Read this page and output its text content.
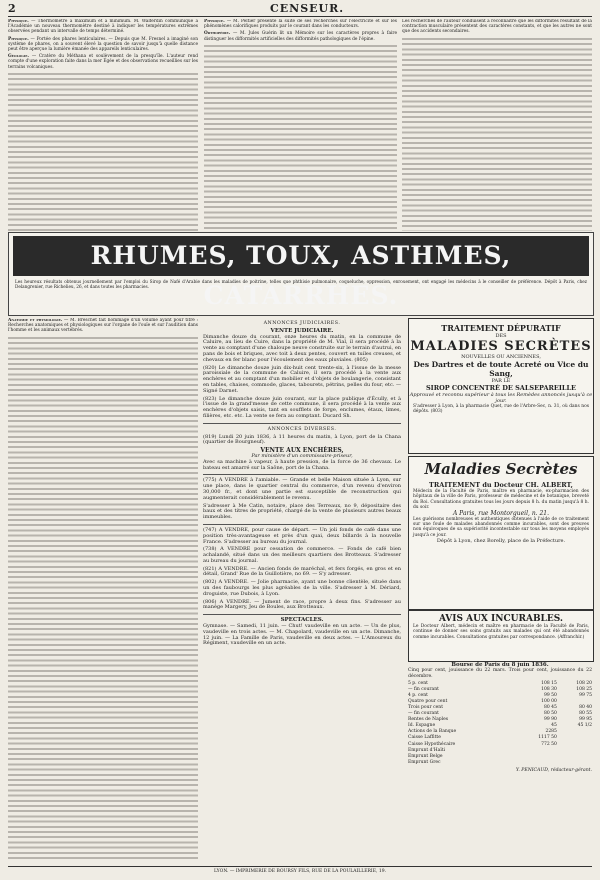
2	CENSEUR.

Physique. — Thermomètre à maximum et à minimum. M. Walferdin communique à l'Académie un nouveau thermomètre destiné à indiquer les températures extrêmes observées pendant un intervalle de temps déterminé.

Physique. — Portée des phares lenticulaires. — Depuis que M. Fresnel a imaginé son système de phares, on a souvent élevé la question de savoir jusqu'à quelle distance peut être aperçue la lumière émanée des appareils lenticulaires.

Géologie. — Cratère du Méthana et soulèvement de la presqu'île. L'auteur rend compte d'une exploration faite dans la mer Égée et des observations recueillies sur les terrains volcaniques.

Physique. — M. Peltier présente la suite de ses recherches sur l'électricité et sur les phénomènes calorifiques produits par le courant dans les conducteurs.

Orthopédie. — M. Jules Guérin lit un Mémoire sur les caractères propres à faire distinguer les difformités artificielles des difformités pathologiques de l'épine.

Les recherches de l'auteur conduisent à reconnaître que les difformités résultant de la contraction musculaire présentent des caractères constants, et que les autres ne sont que des accidents secondaires.

RHUMES, TOUX, ASTHMES, CATARRHES.
Les heureux résultats obtenus journellement par l'emploi du Sirop de Nafé d'Arabie dans les maladies de poitrine, telles que phthisie pulmonaire, coqueluche, oppression, enrouement, ont engagé les médecins à le conseiller de préférence. Dépôt à Paris, chez Delangrenier, rue Richelieu, 26, et dans toutes les pharmacies.

Anatomie et physiologie. — M. Breschet fait hommage d'un volume ayant pour titre : Recherches anatomiques et physiologiques sur l'organe de l'ouïe et sur l'audition dans l'homme et les animaux vertébrés.

ANNONCES JUDICIAIRES.
VENTE JUDICIAIRE.

Dimanche douze du courant, onze heures du matin, en la commune de Caluire, au lieu de Cuire, dans la propriété de M. Vial, il sera procédé à la vente au comptant d'une chaloupe neuve construite sur le terrain d'autrui, en pans de bois et briques, avec toit à deux pentes, couvert en tuiles creuses, et chevaux en fer blanc pour l'écoulement des eaux pluviales. (805)

(820) Le dimanche douze juin dix-huit cent trente-six, à l'issue de la messe paroissiale de la commune de Caluire, il sera procédé à la vente aux enchères et au comptant d'un mobilier et d'objets de boulangerie, consistant en tables, chaises, commode, glaces, tabourets, pétrins, pelles du four, etc. — Signé Darnet.

(823) Le dimanche douze juin courant, sur la place publique d'Écully, et à l'issue de la grand'messe de cette commune, il sera procédé à la vente aux enchères d'objets saisis, tant en soufflets de forge, enclumes, étaux, limes, filières, etc. etc. La vente se fera au comptant. Ducard Sh.

ANNONCES DIVERSES.

(819) Lundi 20 juin 1836, à 11 heures du matin, à Lyon, port de la Chana (quartier de Bourgneuf).

VENTE AUX ENCHÈRES,
Par ministère d'un commissaire-priseur,

Avec sa machine à vapeur, à haute pression, de la force de 36 chevaux. Le bateau est amarré sur la Saône, port de la Chana.

(775) A VENDRE à l'amiable. — Grande et belle Maison située à Lyon, sur une place, dans le quartier central du commerce, d'un revenu d'environ 30,000 fr., et dont une partie est susceptible de reconstruction qui augmenterait considérablement le revenu.

S'adresser à Me Catin, notaire, place des Terreaux, no 9, dépositaire des baux et des titres de propriété, chargé de la vente de plusieurs autres beaux immeubles.

(747) A VENDRE, pour cause de départ. — Un joli fonds de café dans une position très-avantageuse et près d'un quai, deux billards à la nouvelle France. S'adresser au bureau du journal.

(738) A VENDRE pour cessation de commerce. — Fonds de café bien achalandé, situé dans un des meilleurs quartiers des Brotteaux. S'adresser au bureau du journal.

(821) A VENDRE. — Ancien fonds de maréchal, et fers forgés, en gros et en détail, Grand' Rue de la Guillotière, no 69. — S'y adresser.

(802) A VENDRE. — Jolie pharmacie, ayant une bonne clientèle, située dans un des faubourgs les plus agréables de la ville. S'adresser à M. Dériard, droguiste, rue Dubois, à Lyon.

(806) A VENDRE. — Jument de race, propre à deux fins. S'adresser au manège Margery, Jeu de Boules, aux Brotteaux.

SPECTACLES.

Gymnase. — Samedi, 11 juin. — Chut! vaudeville en un acte. — Un de plus, vaudeville en trois actes. — M. Chapolard, vaudeville en un acte. Dimanche, 12 juin. — La Famille de Paris, vaudeville en deux actes. — L'Amoureux du Régiment, vaudeville en un acte.

TRAITEMENT DÉPURATIF
DES
MALADIES SECRÈTES
NOUVELLES OU ANCIENNES,
Des Dartres et de toute Acreté ou Vice du Sang,
PAR LE
SIROP CONCENTRÉ DE SALSEPAREILLE
Approuvé et reconnu supérieur à tous les Remèdes annoncés jusqu'à ce jour.
S'adresser à Lyon, à la pharmacie Quet, rue de l'Arbre-Sec, n. 31, où dans nos dépôts. (803)
Maladies Secrètes
TRAITEMENT du Docteur CH. ALBERT,
Médecin de la Faculté de Paris, maître en pharmacie, ex-pharmacien des hôpitaux de la ville de Paris, professeur de médecine et de botanique, breveté du Roi. Consultations gratuites tous les jours depuis 8 h. du matin jusqu'à 8 h. du soir.
A Paris, rue Montorgueil, n. 21.
Les guérisons nombreuses et authentiques obtenues à l'aide de ce traitement sur une foule de malades abandonnés comme incurables, sont des preuves non équivoques de sa supériorité incontestable sur tous les moyens employés jusqu'à ce jour.
Dépôt à Lyon, chez Borelly, place de la Préfecture.
AVIS AUX INCURABLES.
Le Docteur Albert, médecin et maître en pharmacie de la Faculté de Paris, continue de donner ses soins gratuits aux malades qui ont été abandonnés comme incurables. Consultations gratuites par correspondance. (Affranchir.)
Bourse de Paris du 8 juin 1836.
Cinq pour cent, jouissance du 22 mars. Trois pour cent, jouissance du 22 décembre.
5 p. cent	108 15	108 20
— fin courant	108 30	108 25
4 p. cent	99 50	99 75
Quatre pour cent	100 00	
Trois pour cent	80 45	80 40
— fin courant	80 50	80 55
Rentes de Naples	99 90	99 95
Id. Espagne	45	45 1/2
Actions de la Banque	2285	
Caisse Laffitte	1117 50	
Caisse Hypothécaire	772 50	
Emprunt d'Haïti		
Emprunt Belge		
Emprunt Grec		
Y. PENICAUD, rédacteur-gérant.
LYON. — IMPRIMERIE DE BOURSY FILS, RUE DE LA POULAILLERIE, 19.
